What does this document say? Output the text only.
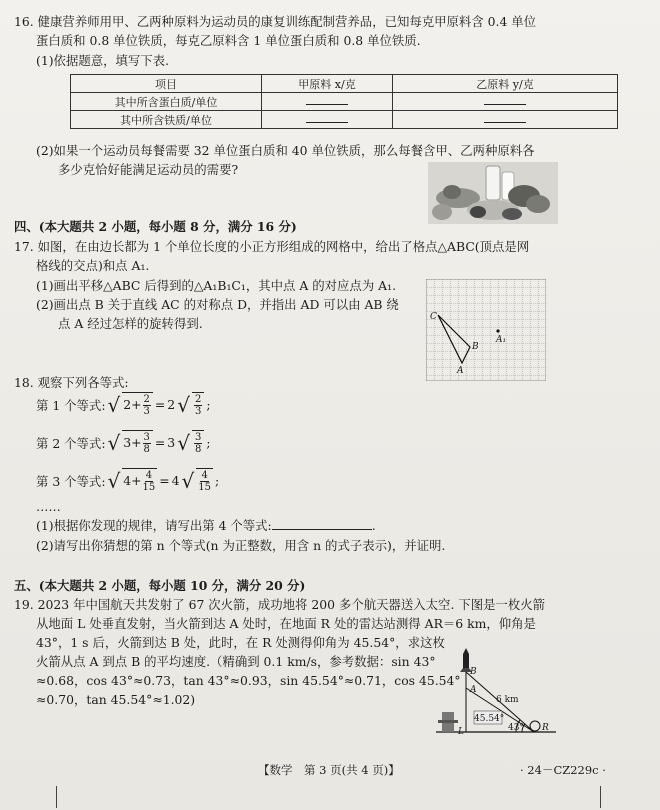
16. 健康营养师用甲、乙两种原料为运动员的康复训练配制营养品，已知每克甲原料含 0.4 单位
蛋白质和 0.8 单位铁质，每克乙原料含 1 单位蛋白质和 0.8 单位铁质.
(1)依据题意，填写下表.
项目	甲原料 x/克	乙原料 y/克
其中所含蛋白质/单位		
其中所含铁质/单位		
(2)如果一个运动员每餐需要 32 单位蛋白质和 40 单位铁质，那么每餐含甲、乙两种原料各
多少克恰好能满足运动员的需要?
四、(本大题共 2 小题，每小题 8 分，满分 16 分)
17. 如图，在由边长都为 1 个单位长度的小正方形组成的网格中，给出了格点△ABC(顶点是网
格线的交点)和点 A₁.
(1)画出平移△ABC 后得到的△A₁B₁C₁，其中点 A 的对应点为 A₁.
(2)画出点 B 关于直线 AC 的对称点 D，并指出 AD 可以由 AB 绕
点 A 经过怎样的旋转得到.	C
B
A
A₁
18. 观察下列各等式:
第 1 个等式: √ $2+ \frac{2}{3} = 2$ √ $\frac{2}{3}$ ;
第 2 个等式: √ $3+ \frac{3}{8} = 3$ √ $\frac{3}{8}$ ;
第 3 个等式: √ $4+ \frac{4}{15} = 4$ √ $\frac{4}{15}$ ;
……
(1)根据你发现的规律，请写出第 4 个等式:	.
(2)请写出你猜想的第 n 个等式(n 为正整数，用含 n 的式子表示)，并证明.
五、(本大题共 2 小题，每小题 10 分，满分 20 分)
19. 2023 年中国航天共发射了 67 次火箭，成功地将 200 多个航天器送入太空. 下图是一枚火箭
从地面 L 处垂直发射，当火箭到达 A 处时，在地面 R 处的雷达站测得 AR＝6 km，仰角是
43°，1 s 后，火箭到达 B 处，此时，在 R 处测得仰角为 45.54°，求这枚
火箭从点 A 到点 B 的平均速度.（精确到 0.1 km/s，参考数据：sin 43°
≈0.68，cos 43°≈0.73，tan 43°≈0.93，sin 45.54°≈0.71，cos 45.54°
≈0.70，tan 45.54°≈1.02)
B
A
L	R
6 km
45.54°
43°
【数学　第 3 页(共 4 页)】	· 24－CZ229c ·
